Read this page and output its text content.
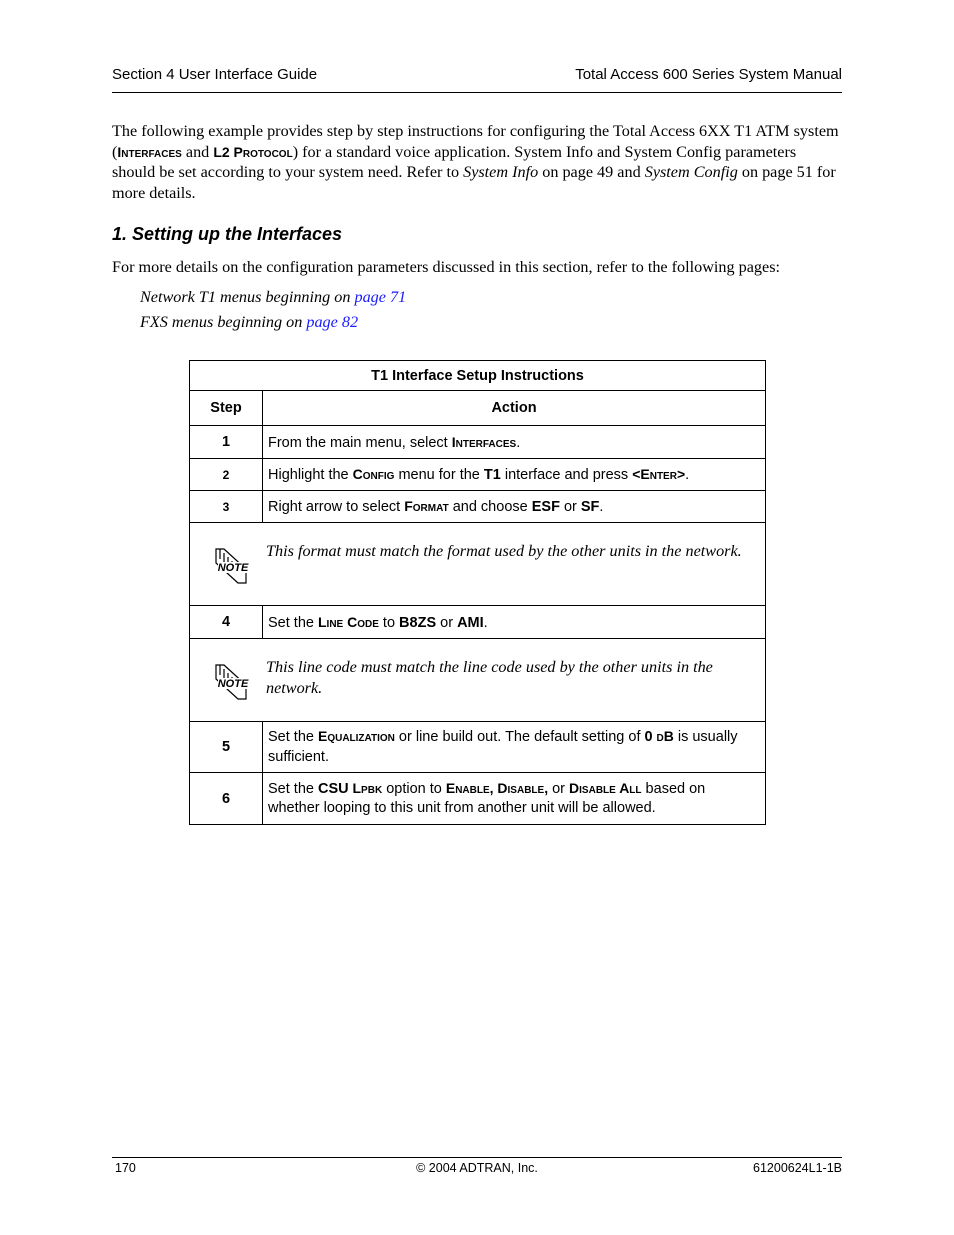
Section 4 User Interface Guide	Total Access 600 Series System Manual

The following example provides step by step instructions for configuring the Total Access 6XX T1 ATM system (Interfaces and L2 Protocol) for a standard voice application. System Info and System Config parameters should be set according to your system need. Refer to System Info on page 49 and System Config on page 51 for more details.

1. Setting up the Interfaces

For more details on the configuration parameters discussed in this section, refer to the following pages:

Network T1 menus beginning on page 71

FXS menus beginning on page 82

T1 Interface Setup Instructions	
Step	Action
1	From the main menu, select Interfaces.
2	Highlight the Config menu for the T1 interface and press <Enter>.
3	Right arrow to select Format and choose ESF or SF.

NOTE
This format must match the format used by the other units in the network.	

4	Set the Line Code to B8ZS or AMI.

NOTE
This line code must match the line code used by the other units in the network.	

5	Set the Equalization or line build out. The default setting of 0 dB is usually sufficient.
6	Set the CSU Lpbk option to Enable, Disable, or Disable All based on whether looping to this unit from another unit will be allowed.
170	© 2004 ADTRAN, Inc.	61200624L1-1B
